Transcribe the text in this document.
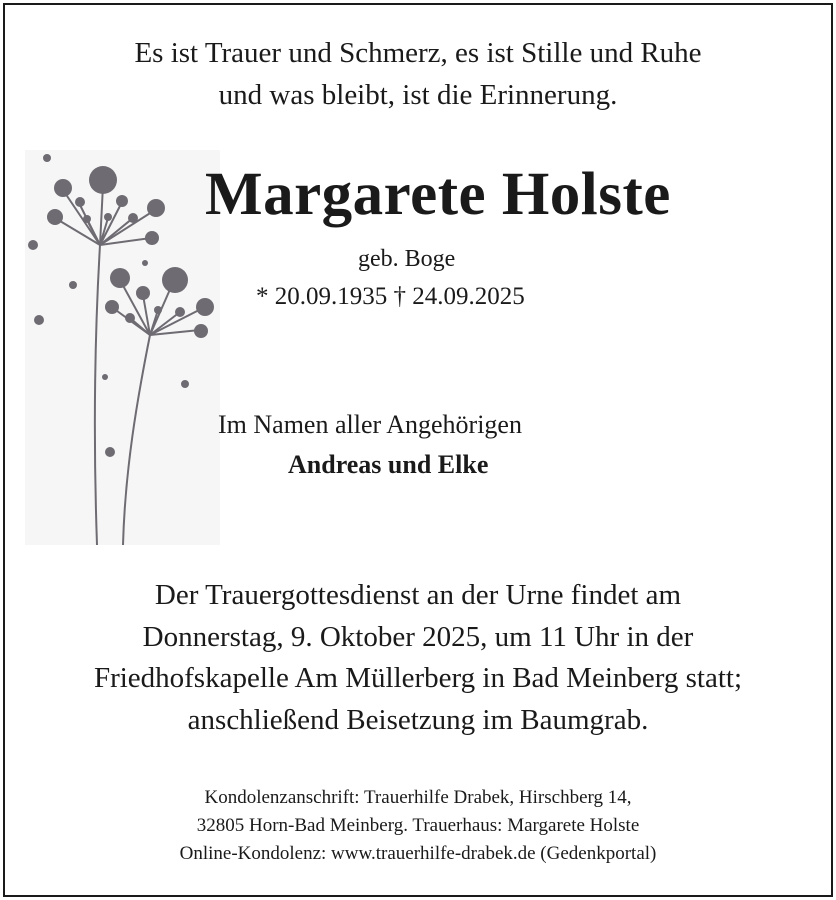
Es ist Trauer und Schmerz, es ist Stille und Ruhe
und was bleibt, ist die Erinnerung.
Margarete Holste
geb. Boge
* 20.09.1935 † 24.09.2025
Im Namen aller Angehörigen
Andreas und Elke
Der Trauergottesdienst an der Urne findet am
Donnerstag, 9. Oktober 2025, um 11 Uhr in der
Friedhofskapelle Am Müllerberg in Bad Meinberg statt;
anschließend Beisetzung im Baumgrab.
Kondolenzanschrift: Trauerhilfe Drabek, Hirschberg 14,
32805 Horn-Bad Meinberg. Trauerhaus: Margarete Holste
Online-Kondolenz: www.trauerhilfe-drabek.de (Gedenkportal)
